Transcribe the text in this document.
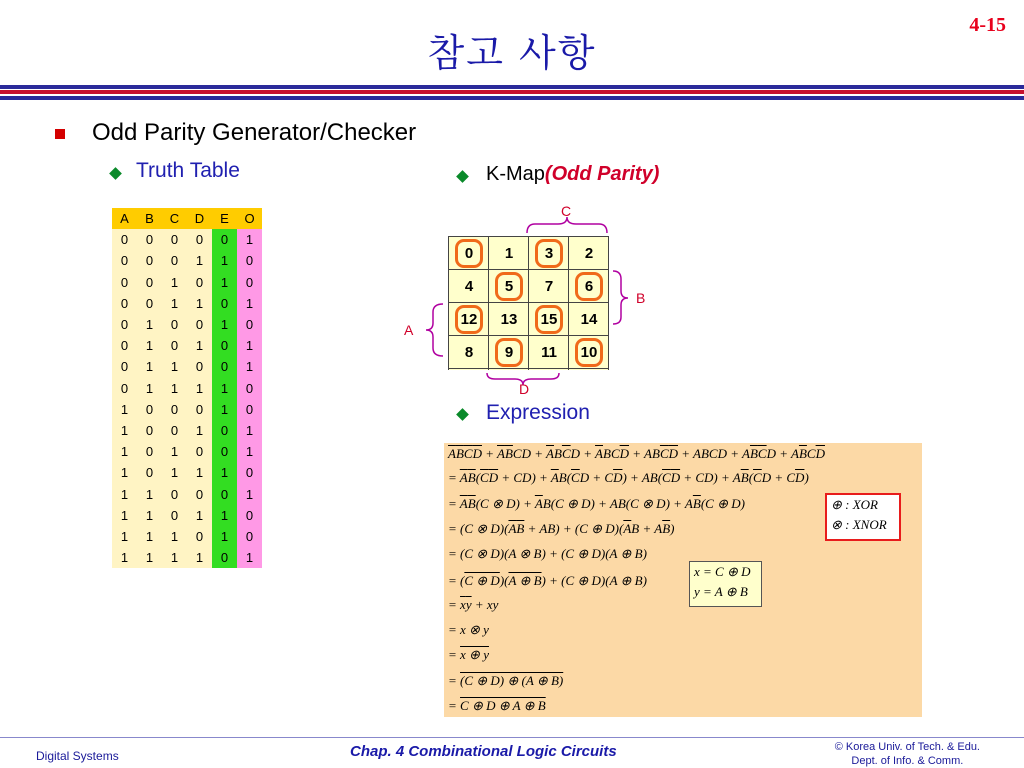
참고 사항
4-15
Odd Parity Generator/Checker
Truth Table	K-Map(Odd Parity)
A	B	C	D	E	O
0	0	0	0	0	1
0	0	0	1	1	0
0	0	1	0	1	0
0	0	1	1	0	1
0	1	0	0	1	0
0	1	0	1	0	1
0	1	1	0	0	1
0	1	1	1	1	0
1	0	0	0	1	0
1	0	0	1	0	1
1	0	1	0	0	1
1	0	1	1	1	0
1	1	0	0	0	1
1	1	0	1	1	0
1	1	1	0	1	0
1	1	1	1	0	1
0	1	3	2
4	5	7	6
12	13	15	14
8	9	11	10
C
B
A
D
Expression
$\overline{A}\overline{B}\overline{C}\overline{D} + \overline{A}\overline{B}CD + \overline{A}B\overline{C}D + \overline{A}BC\overline{D} + AB\overline{C}\overline{D}$ + ABCD + $A\overline{B}\overline{C}D + A\overline{B}C\overline{D}$
= $\overline{A}\overline{B}(\overline{C}\overline{D} + CD) + \overline{A}B(\overline{C}D + C\overline{D}) + AB(\overline{C}\overline{D} + CD) + A\overline{B}(\overline{C}D + C\overline{D})$
= $\overline{A}\overline{B}(C$ ⊗ $D) + \overline{A}B(C$ ⊕ D) + AB(C ⊗ $D) + A\overline{B}(C$ ⊕ D)
= (C ⊗ $D)(\overline{A}\overline{B} + AB) + (C$ ⊕ $D)(\overline{A}B + A\overline{B})$
= (C ⊗ D)(A ⊗ B) + (C ⊕ D)(A ⊕ B)
= (C ⊕ D)(A ⊕ B) + (C ⊕ D)(A ⊕ B)
= $\overline{x}\overline{y}$ + xy
= x ⊗ y
= x ⊕ y
= (C ⊕ D) ⊕ (A ⊕ B)
= C ⊕ D ⊕ A ⊕ B
⊕ : XOR
⊗ : XNOR
x = C ⊕ D
y = A ⊕ B
Digital Systems	Chap. 4 Combinational Logic Circuits	© Korea Univ. of Tech. & Edu.
Dept. of Info. & Comm.
